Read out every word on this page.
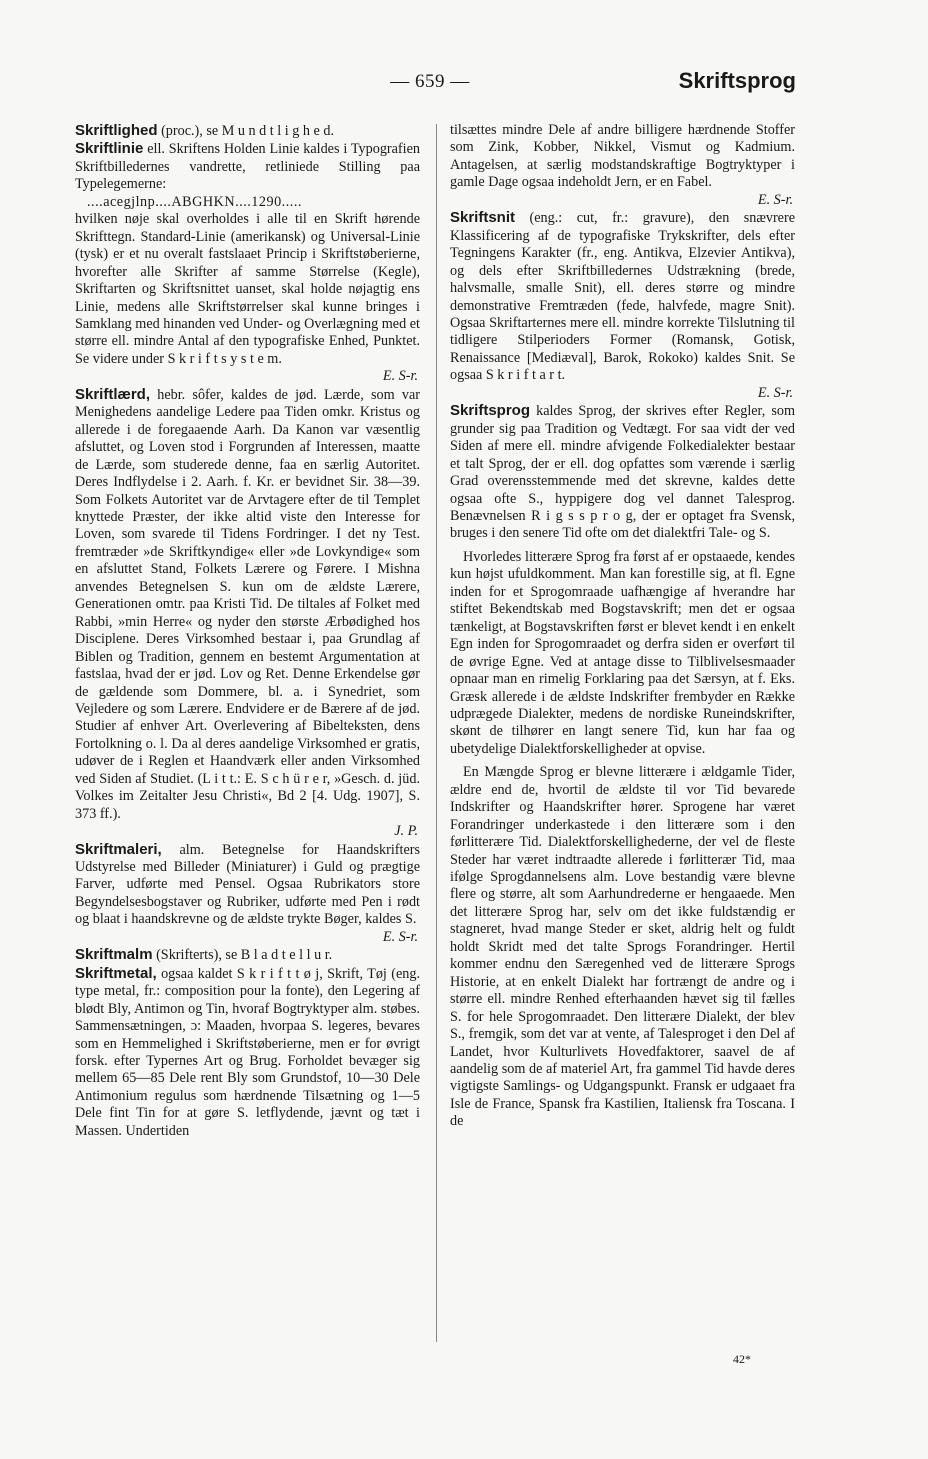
— 659 —	Skriftsprog

Skriftlighed (proc.), se M u n d t l i g h e d.

Skriftlinie ell. Skriftens Holden Linie kaldes i Typografien Skriftbilledernes vandrette, retliniede Stilling paa Typelegemerne:

....acegjlnp....ABGHKN....1290.....

hvilken nøje skal overholdes i alle til en Skrift hørende Skrifttegn. Standard-Linie (amerikansk) og Universal-Linie (tysk) er et nu overalt fastslaaet Princip i Skriftstøberierne, hvorefter alle Skrifter af samme Størrelse (Kegle), Skriftarten og Skriftsnittet uanset, skal holde nøjagtig ens Linie, medens alle Skriftstørrelser skal kunne bringes i Samklang med hinanden ved Under- og Overlægning med et større ell. mindre Antal af den typografiske Enhed, Punktet. Se videre under S k r i f t s y s t e m.

E. S-r.

Skriftlærd, hebr. sôfer, kaldes de jød. Lærde, som var Menighedens aandelige Ledere paa Tiden omkr. Kristus og allerede i de foregaaende Aarh. Da Kanon var væsentlig afsluttet, og Loven stod i Forgrunden af Interessen, maatte de Lærde, som studerede denne, faa en særlig Autoritet. Deres Indflydelse i 2. Aarh. f. Kr. er bevidnet Sir. 38—39. Som Folkets Autoritet var de Arvtagere efter de til Templet knyttede Præster, der ikke altid viste den Interesse for Loven, som svarede til Tidens Fordringer. I det ny Test. fremtræder »de Skriftkyndige« eller »de Lovkyndige« som en afsluttet Stand, Folkets Lærere og Førere. I Mishna anvendes Betegnelsen S. kun om de ældste Lærere, Generationen omtr. paa Kristi Tid. De tiltales af Folket med Rabbi, »min Herre« og nyder den største Ærbødighed hos Disciplene. Deres Virksomhed bestaar i, paa Grundlag af Biblen og Tradition, gennem en bestemt Argumentation at fastslaa, hvad der er jød. Lov og Ret. Denne Erkendelse gør de gældende som Dommere, bl. a. i Synedriet, som Vejledere og som Lærere. Endvidere er de Bærere af de jød. Studier af enhver Art. Overlevering af Bibelteksten, dens Fortolkning o. l. Da al deres aandelige Virksomhed er gratis, udøver de i Reglen et Haandværk eller anden Virksomhed ved Siden af Studiet. (L i t t.: E. S c h ü r e r, »Gesch. d. jüd. Volkes im Zeitalter Jesu Christi«, Bd 2 [4. Udg. 1907], S. 373 ff.).

J. P.

Skriftmaleri, alm. Betegnelse for Haandskrifters Udstyrelse med Billeder (Miniaturer) i Guld og prægtige Farver, udførte med Pensel. Ogsaa Rubrikators store Begyndelsesbogstaver og Rubriker, udførte med Pen i rødt og blaat i haandskrevne og de ældste trykte Bøger, kaldes S.

E. S-r.

Skriftmalm (Skrifterts), se B l a d t e l l u r.

Skriftmetal, ogsaa kaldet S k r i f t t ø j, Skrift, Tøj (eng. type metal, fr.: composition pour la fonte), den Legering af blødt Bly, Antimon og Tin, hvoraf Bogtryktyper alm. støbes. Sammensætningen, ɔ: Maaden, hvorpaa S. legeres, bevares som en Hemmelighed i Skriftstøberierne, men er for øvrigt forsk. efter Typernes Art og Brug. Forholdet bevæger sig mellem 65—85 Dele rent Bly som Grundstof, 10—30 Dele Antimonium regulus som hærdnende Tilsætning og 1—5 Dele fint Tin for at gøre S. letflydende, jævnt og tæt i Massen. Undertiden

tilsættes mindre Dele af andre billigere hærdnende Stoffer som Zink, Kobber, Nikkel, Vismut og Kadmium. Antagelsen, at særlig modstandskraftige Bogtryktyper i gamle Dage ogsaa indeholdt Jern, er en Fabel.

E. S-r.

Skriftsnit (eng.: cut, fr.: gravure), den snævrere Klassificering af de typografiske Trykskrifter, dels efter Tegningens Karakter (fr., eng. Antikva, Elzevier Antikva), og dels efter Skriftbilledernes Udstrækning (brede, halvsmalle, smalle Snit), ell. deres større og mindre demonstrative Fremtræden (fede, halvfede, magre Snit). Ogsaa Skriftarternes mere ell. mindre korrekte Tilslutning til tidligere Stilperioders Former (Romansk, Gotisk, Renaissance [Mediæval], Barok, Rokoko) kaldes Snit. Se ogsaa S k r i f t a r t.

E. S-r.

Skriftsprog kaldes Sprog, der skrives efter Regler, som grunder sig paa Tradition og Vedtægt. For saa vidt der ved Siden af mere ell. mindre afvigende Folkedialekter bestaar et talt Sprog, der er ell. dog opfattes som værende i særlig Grad overensstemmende med det skrevne, kaldes dette ogsaa ofte S., hyppigere dog vel dannet Talesprog. Benævnelsen R i g s s p r o g, der er optaget fra Svensk, bruges i den senere Tid ofte om det dialektfri Tale- og S.

Hvorledes litterære Sprog fra først af er opstaaede, kendes kun højst ufuldkomment. Man kan forestille sig, at fl. Egne inden for et Sprogomraade uafhængige af hverandre har stiftet Bekendtskab med Bogstavskrift; men det er ogsaa tænkeligt, at Bogstavskriften først er blevet kendt i en enkelt Egn inden for Sprogomraadet og derfra siden er overført til de øvrige Egne. Ved at antage disse to Tilblivelsesmaader opnaar man en rimelig Forklaring paa det Særsyn, at f. Eks. Græsk allerede i de ældste Indskrifter frembyder en Række udprægede Dialekter, medens de nordiske Runeindskrifter, skønt de tilhører en langt senere Tid, kun har faa og ubetydelige Dialektforskelligheder at opvise.

En Mængde Sprog er blevne litterære i ældgamle Tider, ældre end de, hvortil de ældste til vor Tid bevarede Indskrifter og Haandskrifter hører. Sprogene har været Forandringer underkastede i den litterære som i den førlitterære Tid. Dialektforskellighederne, der vel de fleste Steder har været indtraadte allerede i førlitterær Tid, maa ifølge Sprogdannelsens alm. Love bestandig være blevne flere og større, alt som Aarhundrederne er hengaaede. Men det litterære Sprog har, selv om det ikke fuldstændig er stagneret, hvad mange Steder er sket, aldrig helt og fuldt holdt Skridt med det talte Sprogs Forandringer. Hertil kommer endnu den Særegenhed ved de litterære Sprogs Historie, at en enkelt Dialekt har fortrængt de andre og i større ell. mindre Renhed efterhaanden hævet sig til fælles S. for hele Sprogomraadet. Den litterære Dialekt, der blev S., fremgik, som det var at vente, af Talesproget i den Del af Landet, hvor Kulturlivets Hovedfaktorer, saavel de af aandelig som de af materiel Art, fra gammel Tid havde deres vigtigste Samlings- og Udgangspunkt. Fransk er udgaaet fra Isle de France, Spansk fra Kastilien, Italiensk fra Toscana. I de

42*
